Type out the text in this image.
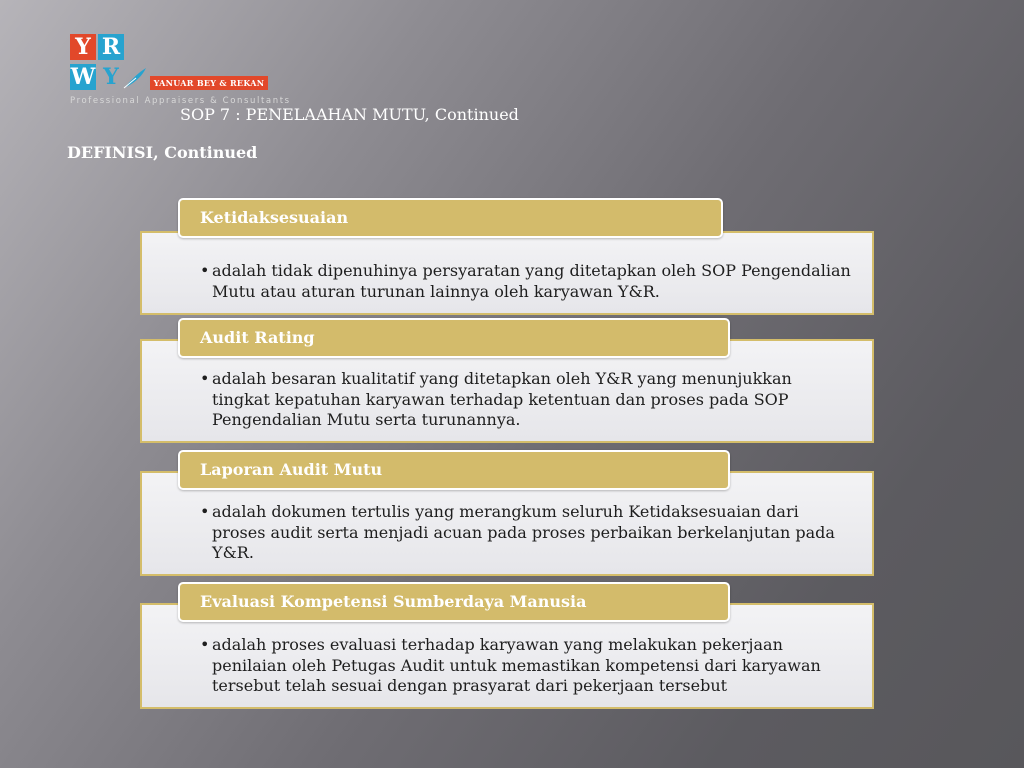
Y R
W Y	YANUAR BEY & REKAN
Professional Appraisers & Consultants
SOP 7 : PENELAAHAN MUTU, Continued
DEFINISI, Continued
• adalah tidak dipenuhinya persyaratan yang ditetapkan oleh SOP Pengendalian Mutu atau aturan turunan lainnya oleh karyawan Y&R.
Ketidaksesuaian
• adalah besaran kualitatif yang ditetapkan oleh Y&R yang menunjukkan tingkat kepatuhan karyawan terhadap ketentuan dan proses pada SOP Pengendalian Mutu serta turunannya.
Audit Rating
• adalah dokumen tertulis yang merangkum seluruh Ketidaksesuaian dari proses audit serta menjadi acuan pada proses perbaikan berkelanjutan pada Y&R.
Laporan Audit Mutu
• adalah proses evaluasi terhadap karyawan yang melakukan pekerjaan penilaian oleh Petugas Audit untuk memastikan kompetensi dari karyawan tersebut telah sesuai dengan prasyarat dari pekerjaan tersebut
Evaluasi Kompetensi Sumberdaya Manusia
